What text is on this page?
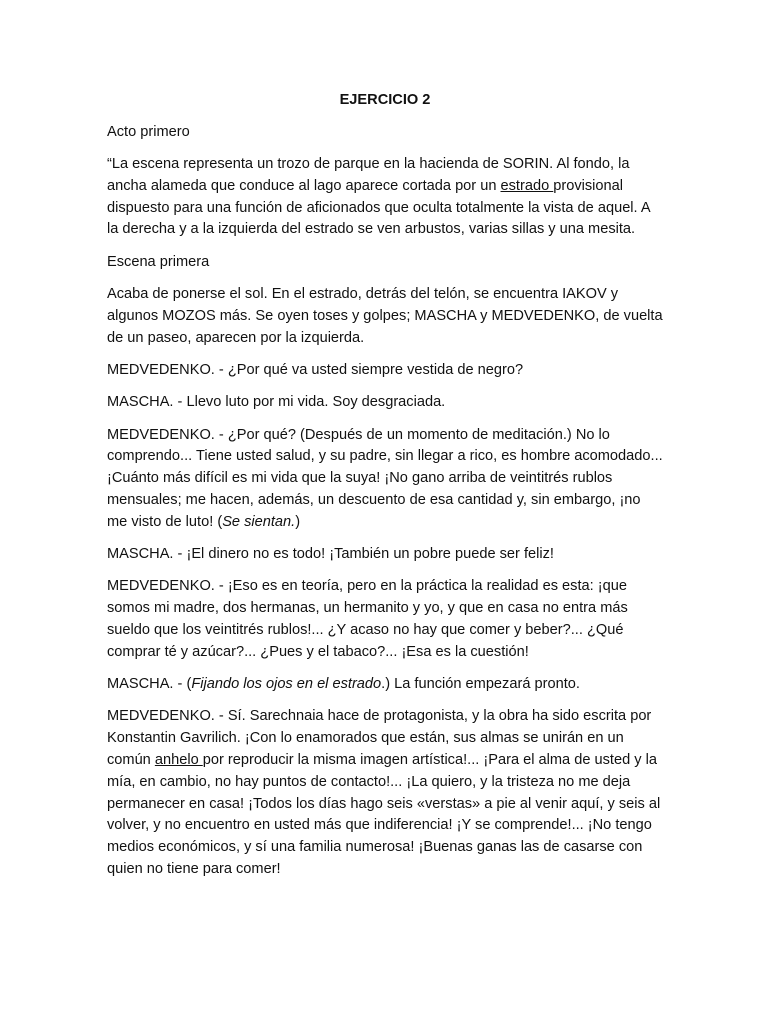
EJERCICIO 2

Acto primero

“La escena representa un trozo de parque en la hacienda de SORIN. Al fondo, la ancha alameda que conduce al lago aparece cortada por un estrado provisional dispuesto para una función de aficionados que oculta totalmente la vista de aquel. A la derecha y a la izquierda del estrado se ven arbustos, varias sillas y una mesita.

Escena primera

Acaba de ponerse el sol. En el estrado, detrás del telón, se encuentra IAKOV y algunos MOZOS más. Se oyen toses y golpes; MASCHA y MEDVEDENKO, de vuelta de un paseo, aparecen por la izquierda.

MEDVEDENKO. - ¿Por qué va usted siempre vestida de negro?

MASCHA. - Llevo luto por mi vida. Soy desgraciada.

MEDVEDENKO. - ¿Por qué? (Después de un momento de meditación.) No lo comprendo... Tiene usted salud, y su padre, sin llegar a rico, es hombre acomodado... ¡Cuánto más difícil es mi vida que la suya! ¡No gano arriba de veintitrés rublos mensuales; me hacen, además, un descuento de esa cantidad y, sin embargo, ¡no me visto de luto! (Se sientan.)

MASCHA. - ¡El dinero no es todo! ¡También un pobre puede ser feliz!

MEDVEDENKO. - ¡Eso es en teoría, pero en la práctica la realidad es esta: ¡que somos mi madre, dos hermanas, un hermanito y yo, y que en casa no entra más sueldo que los veintitrés rublos!... ¿Y acaso no hay que comer y beber?... ¿Qué comprar té y azúcar?... ¿Pues y el tabaco?... ¡Esa es la cuestión!

MASCHA. - (Fijando los ojos en el estrado.) La función empezará pronto.

MEDVEDENKO. - Sí. Sarechnaia hace de protagonista, y la obra ha sido escrita por Konstantin Gavrilich. ¡Con lo enamorados que están, sus almas se unirán en un común anhelo por reproducir la misma imagen artística!... ¡Para el alma de usted y la mía, en cambio, no hay puntos de contacto!... ¡La quiero, y la tristeza no me deja permanecer en casa! ¡Todos los días hago seis «verstas» a pie al venir aquí, y seis al volver, y no encuentro en usted más que indiferencia! ¡Y se comprende!... ¡No tengo medios económicos, y sí una familia numerosa! ¡Buenas ganas las de casarse con quien no tiene para comer!
